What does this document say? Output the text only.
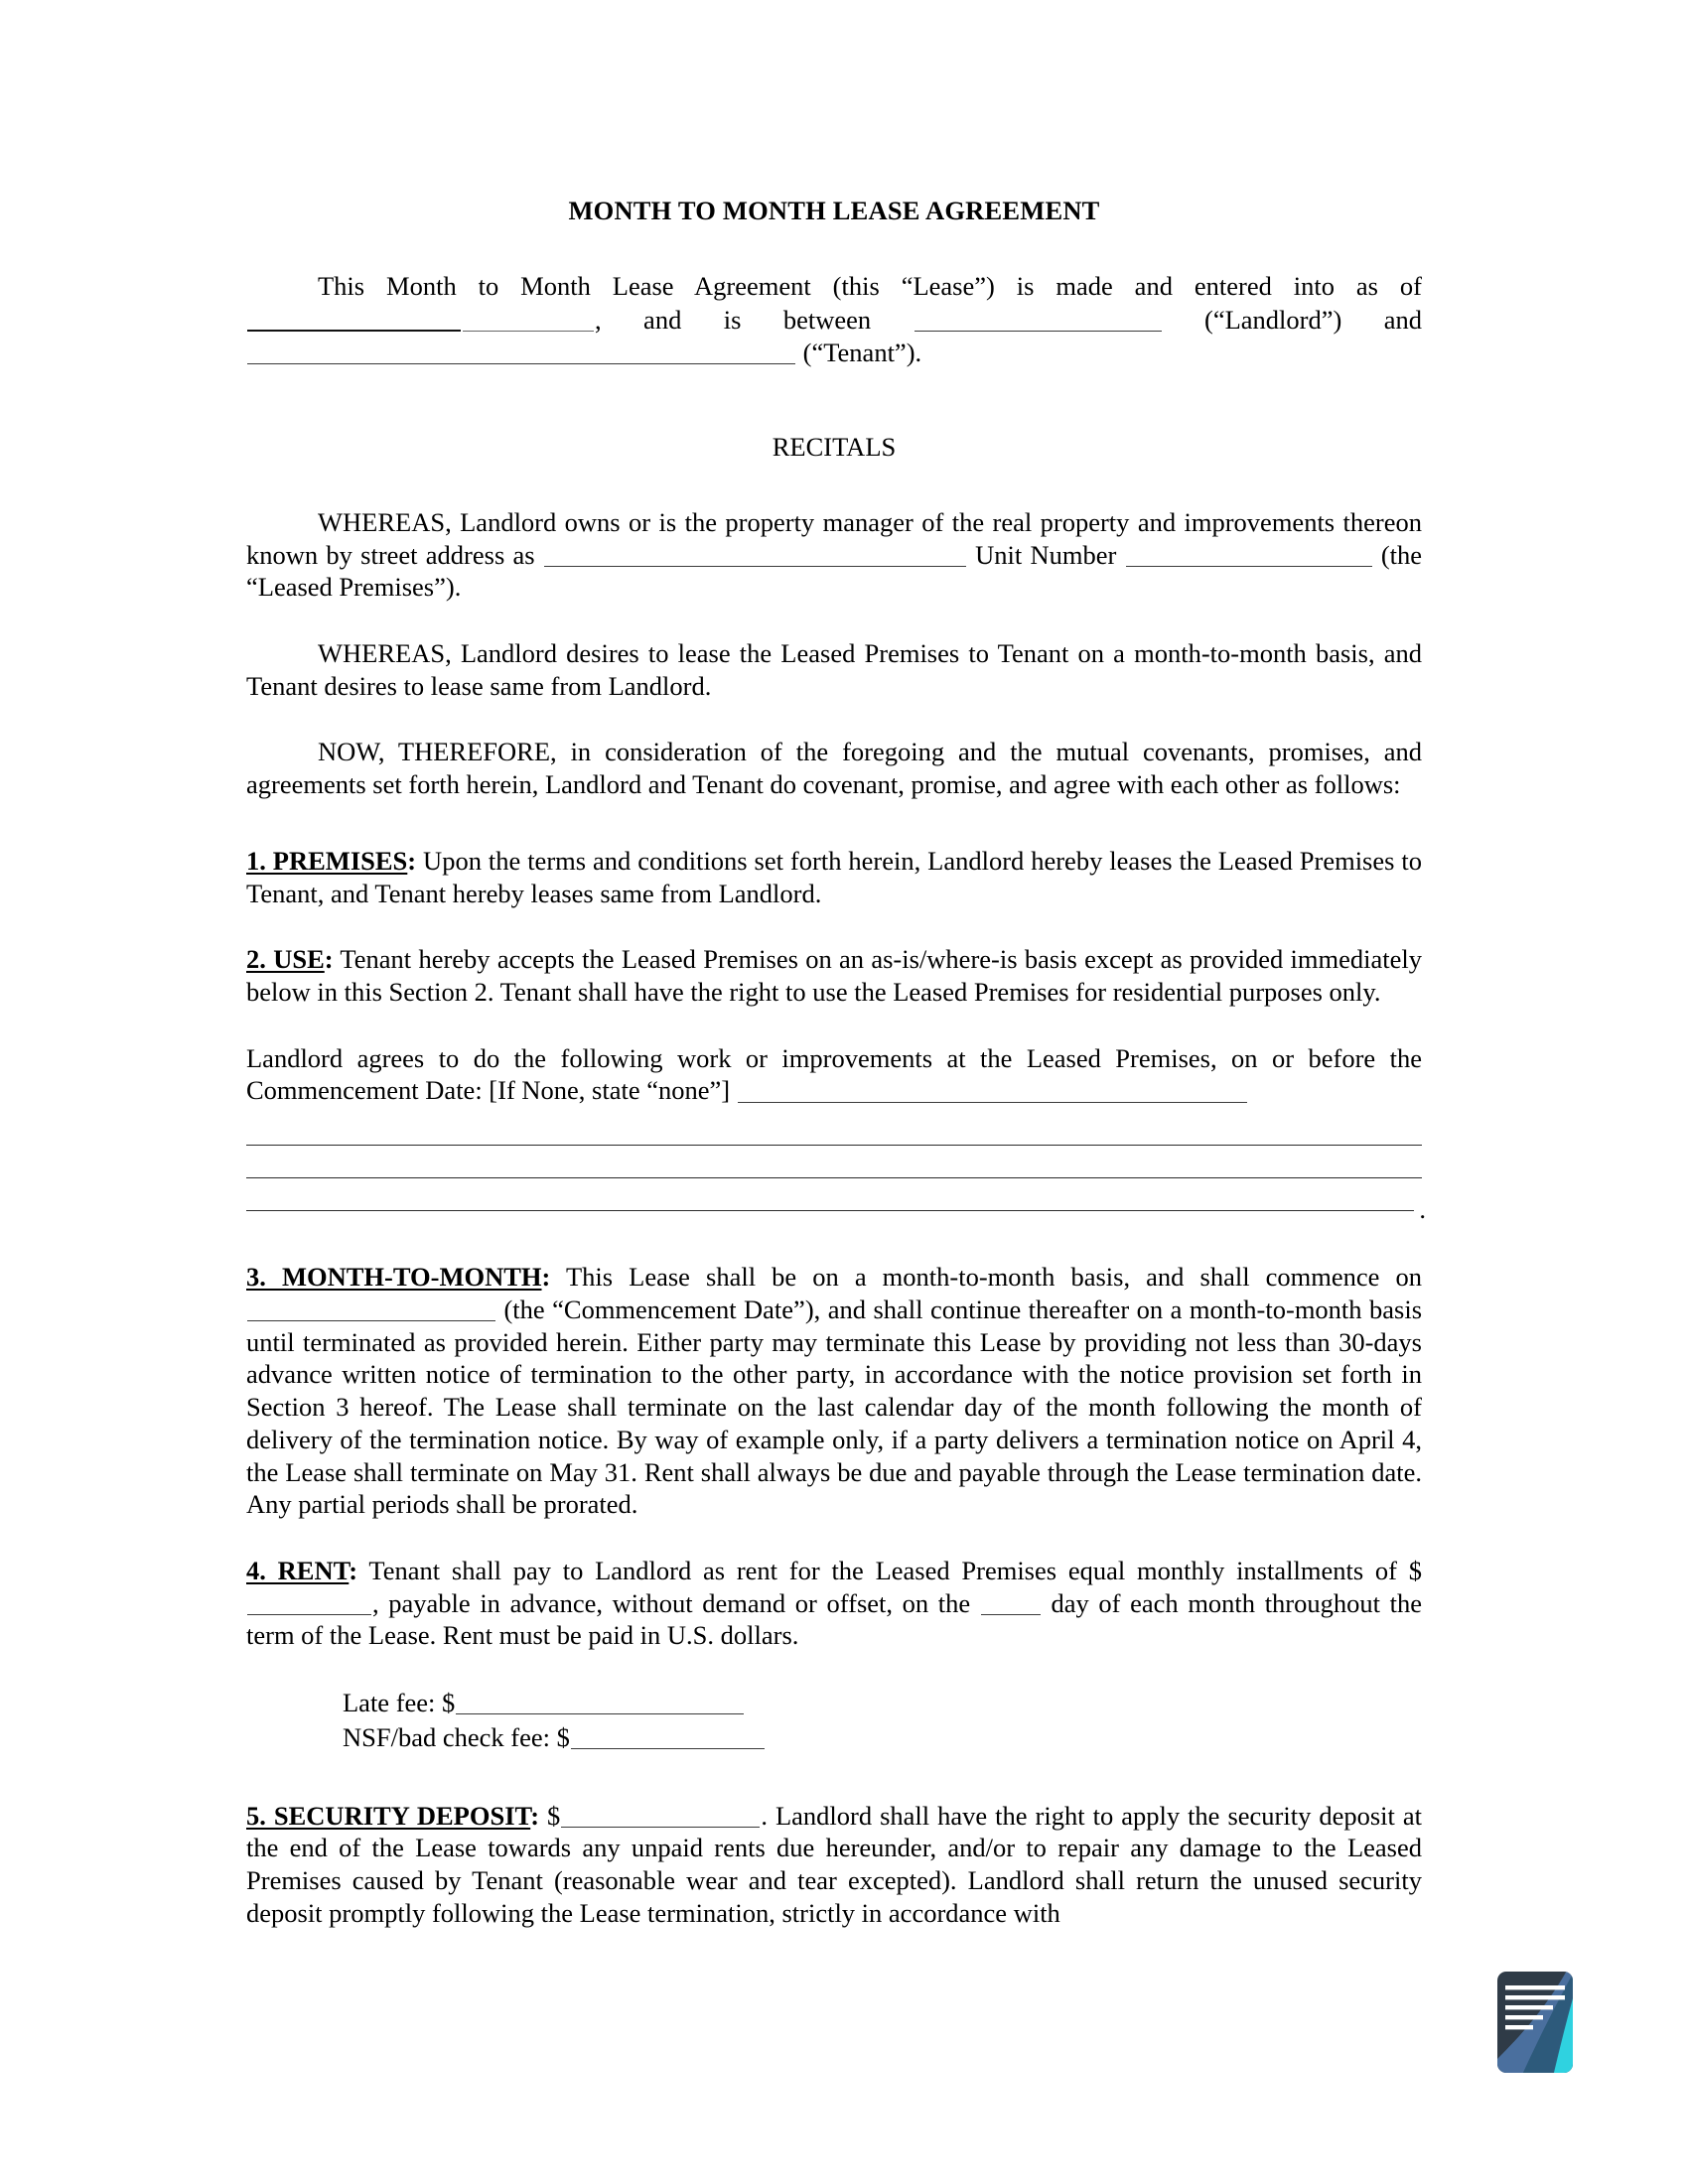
MONTH TO MONTH LEASE AGREEMENT

This Month to Month Lease Agreement (this “Lease”) is made and entered into as of , and is between	(“Landlord”) and  (“Tenant”).

RECITALS

WHEREAS, Landlord owns or is the property manager of the real property and improvements thereon known by street address as	Unit Number	(the “Leased Premises”).

WHEREAS, Landlord desires to lease the Leased Premises to Tenant on a month-to-month basis, and Tenant desires to lease same from Landlord.

NOW, THEREFORE, in consideration of the foregoing and the mutual covenants, promises, and agreements set forth herein, Landlord and Tenant do covenant, promise, and agree with each other as follows:

1. PREMISES: Upon the terms and conditions set forth herein, Landlord hereby leases the Leased Premises to Tenant, and Tenant hereby leases same from Landlord.

2. USE: Tenant hereby accepts the Leased Premises on an as-is/where-is basis except as provided immediately below in this Section 2. Tenant shall have the right to use the Leased Premises for residential purposes only.

Landlord agrees to do the following work or improvements at the Leased Premises, on or before the Commencement Date: [If None, state “none”]

.

3. MONTH-TO-MONTH: This Lease shall be on a month-to-month basis, and shall commence on  (the “Commencement Date”), and shall continue thereafter on a month-to-month basis until terminated as provided herein. Either party may terminate this Lease by providing not less than 30-days advance written notice of termination to the other party, in accordance with the notice provision set forth in Section 3 hereof. The Lease shall terminate on the last calendar day of the month following the month of delivery of the termination notice. By way of example only, if a party delivers a termination notice on April 4, the Lease shall terminate on May 31. Rent shall always be due and payable through the Lease termination date. Any partial periods shall be prorated.

4. RENT: Tenant shall pay to Landlord as rent for the Leased Premises equal monthly installments of $, payable in advance, without demand or offset, on the	day of each month throughout the term of the Lease. Rent must be paid in U.S. dollars.

Late fee: $
NSF/bad check fee: $

5. SECURITY DEPOSIT: $	. Landlord shall have the right to apply the security deposit at the end of the Lease towards any unpaid rents due hereunder, and/or to repair any damage to the Leased Premises caused by Tenant (reasonable wear and tear excepted). Landlord shall return the unused security deposit promptly following the Lease termination, strictly in accordance with
